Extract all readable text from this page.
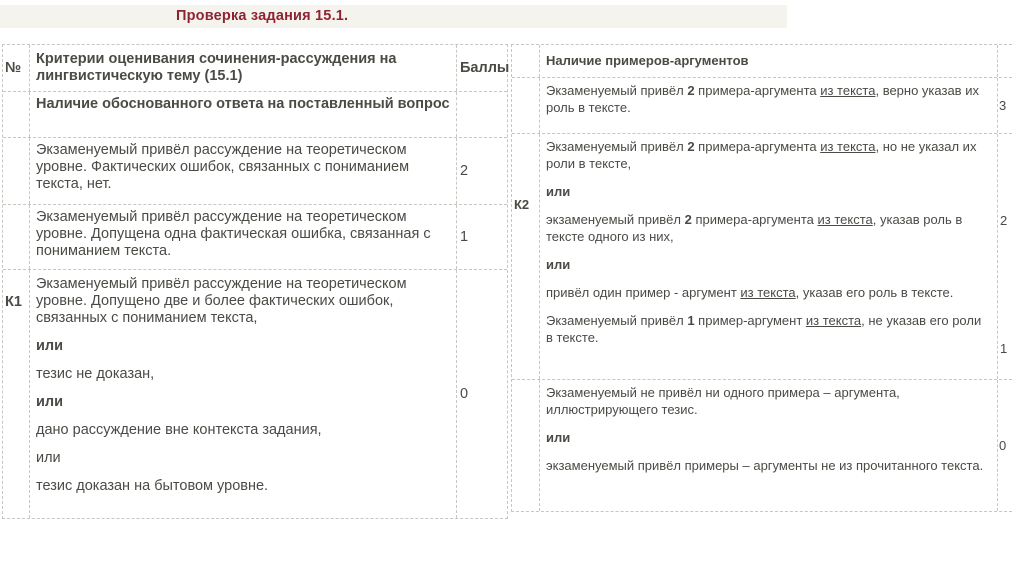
Проверка задания 15.1.
№
Критерии оценивания сочинения-рассуждения на лингвистическую тему (15.1)
Баллы
Наличие обоснованного ответа на поставленный вопрос
Экзаменуемый привёл рассуждение на теоретическом уровне. Фактических ошибок, связанных с пониманием текста, нет.
2
Экзаменуемый привёл рассуждение на теоретическом уровне. Допущена одна фактическая ошибка, связанная с пониманием текста.
1
К1

Экзаменуемый привёл рассуждение на теоретическом уровне. Допущено две и более фактических ошибок, связанных с пониманием текста,

или

тезис не доказан,

или

дано рассуждение вне контекста задания,

или

тезис доказан на бытовом уровне.

0
Наличие примеров-аргументов
Экзаменуемый привёл 2 примера-аргумента из текста, верно указав их роль в тексте.	3
К2

Экзаменуемый привёл 2 примера-аргумента из текста, но не указал их роли в тексте,

или

экзаменуемый привёл 2 примера-аргумента из текста, указав роль в тексте одного из них,

или

привёл один пример - аргумент из текста, указав его роль в тексте.

Экзаменуемый привёл 1 пример-аргумент из текста, не указав его роли в тексте.

2
1

Экзаменуемый не привёл ни одного примера – аргумента, иллюстрирующего тезис.

или

экзаменуемый привёл примеры – аргументы не из прочитанного текста.

0
